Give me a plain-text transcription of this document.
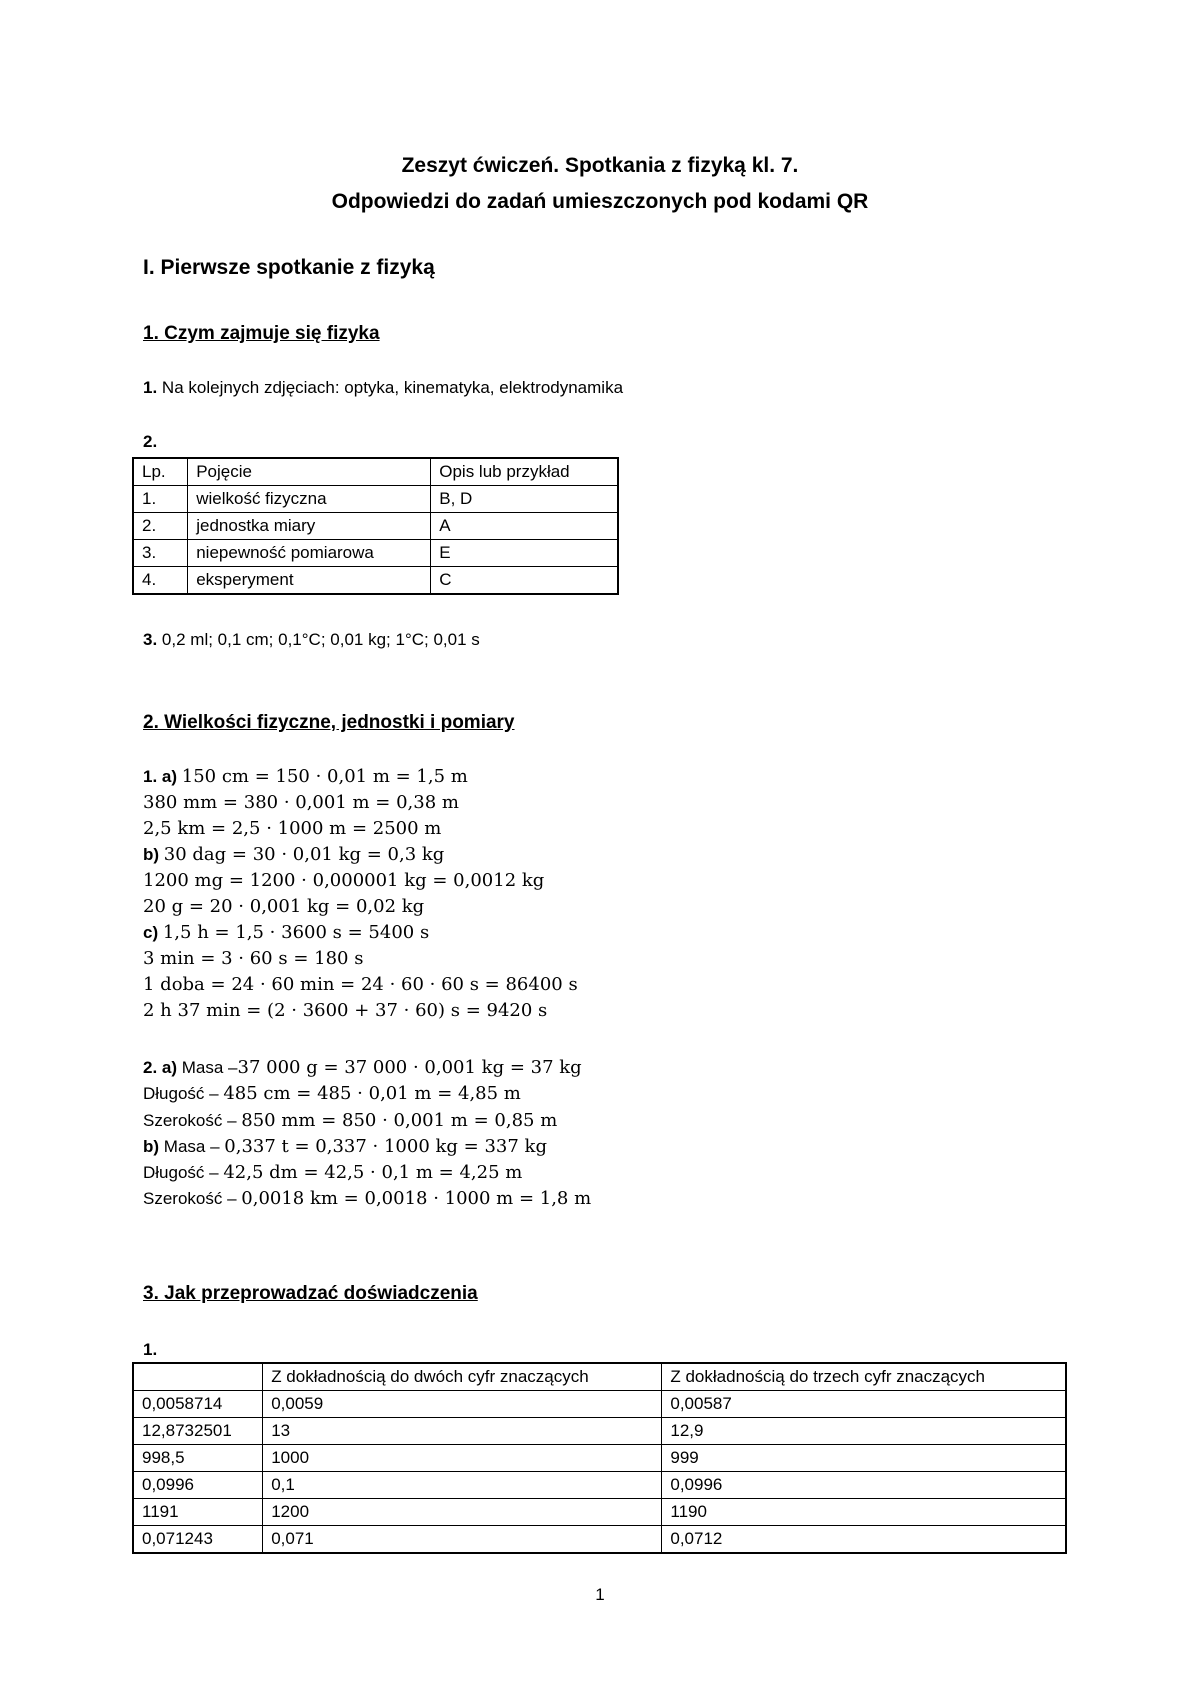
Zeszyt ćwiczeń. Spotkania z fizyką kl. 7.
Odpowiedzi do zadań umieszczonych pod kodami QR
I. Pierwsze spotkanie z fizyką
1. Czym zajmuje się fizyka
1. Na kolejnych zdjęciach: optyka, kinematyka, elektrodynamika
2.
Lp.	Pojęcie	Opis lub przykład
1.	wielkość fizyczna	B, D
2.	jednostka miary	A
3.	niepewność pomiarowa	E
4.	eksperyment	C
3. 0,2 ml; 0,1 cm; 0,1°C; 0,01 kg; 1°C; 0,01 s
2. Wielkości fizyczne, jednostki i pomiary
1. a) 150 cm = 150 · 0,01 m = 1,5 m
380 mm = 380 · 0,001 m = 0,38 m
2,5 km = 2,5 · 1000 m = 2500 m
b) 30 dag = 30 · 0,01 kg = 0,3 kg
1200 mg = 1200 · 0,000001 kg = 0,0012 kg
20 g = 20 · 0,001 kg = 0,02 kg
c) 1,5 h = 1,5 · 3600 s = 5400 s
3 min = 3 · 60 s = 180 s
1 doba = 24 · 60 min = 24 · 60 · 60 s = 86400 s
2 h 37 min = (2 · 3600 + 37 · 60) s = 9420 s
2. a) Masa –37 000 g = 37 000 · 0,001 kg = 37 kg
Długość – 485 cm = 485 · 0,01 m = 4,85 m
Szerokość – 850 mm = 850 · 0,001 m = 0,85 m
b) Masa – 0,337 t = 0,337 · 1000 kg = 337 kg
Długość – 42,5 dm = 42,5 · 0,1 m = 4,25 m
Szerokość – 0,0018 km = 0,0018 · 1000 m = 1,8 m
3. Jak przeprowadzać doświadczenia
1.
	Z dokładnością do dwóch cyfr znaczących	Z dokładnością do trzech cyfr znaczących
0,0058714	0,0059	0,00587
12,8732501	13	12,9
998,5	1000	999
0,0996	0,1	0,0996
1191	1200	1190
0,071243	0,071	0,0712
1
